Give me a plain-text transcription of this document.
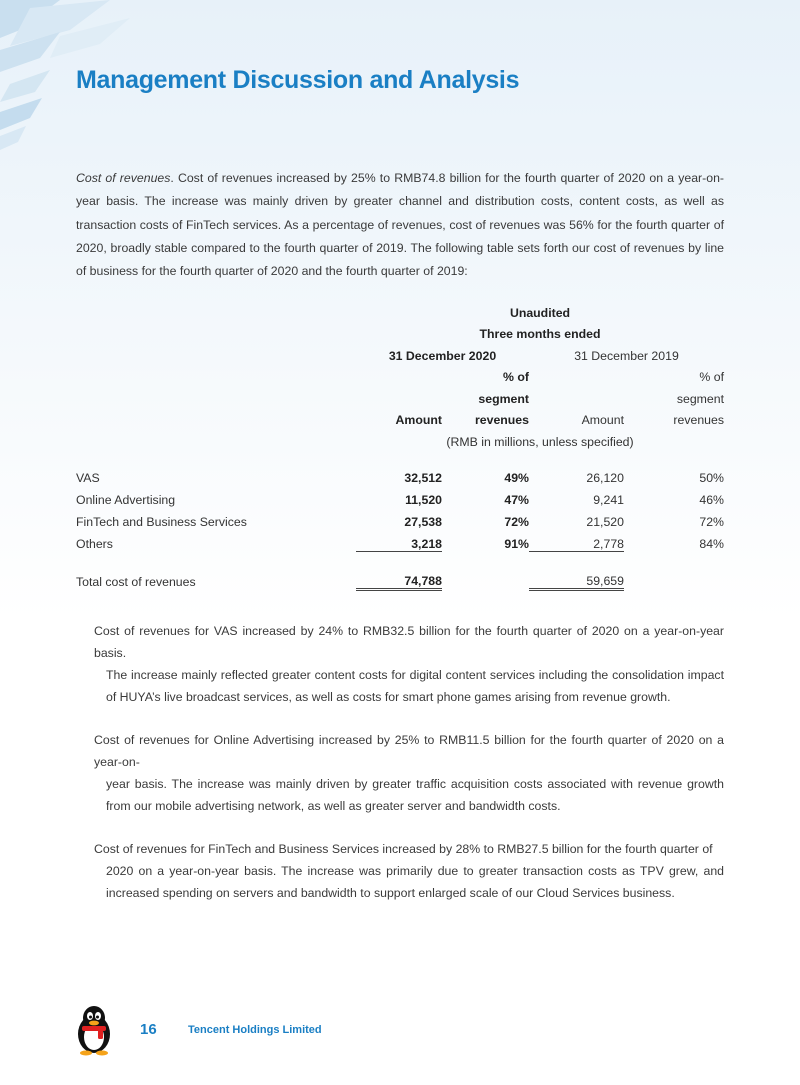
Management Discussion and Analysis
Cost of revenues. Cost of revenues increased by 25% to RMB74.8 billion for the fourth quarter of 2020 on a year-on-year basis. The increase was mainly driven by greater channel and distribution costs, content costs, as well as transaction costs of FinTech services. As a percentage of revenues, cost of revenues was 56% for the fourth quarter of 2020, broadly stable compared to the fourth quarter of 2019. The following table sets forth our cost of revenues by line of business for the fourth quarter of 2020 and the fourth quarter of 2019:
	Unaudited			
	Three months ended			
	31 December 2020		31 December 2019	
		% of		% of
		segment		segment
	Amount	revenues	Amount	revenues
	(RMB in millions, unless specified)			

VAS	32,512	49%	26,120	50%
Online Advertising	11,520	47%	9,241	46%
FinTech and Business Services	27,538	72%	21,520	72%
Others	3,218	91%	2,778	84%

Total cost of revenues	74,788		59,659	

Cost of revenues for VAS increased by 24% to RMB32.5 billion for the fourth quarter of 2020 on a year-on-year basis.
The increase mainly reflected greater content costs for digital content services including the consolidation impact of HUYA’s live broadcast services, as well as costs for smart phone games arising from revenue growth.

Cost of revenues for Online Advertising increased by 25% to RMB11.5 billion for the fourth quarter of 2020 on a year-on-
year basis. The increase was mainly driven by greater traffic acquisition costs associated with revenue growth from our mobile advertising network, as well as greater server and bandwidth costs.

Cost of revenues for FinTech and Business Services increased by 28% to RMB27.5 billion for the fourth quarter of
2020 on a year-on-year basis. The increase was primarily due to greater transaction costs as TPV grew, and increased spending on servers and bandwidth to support enlarged scale of our Cloud Services business.

16	Tencent Holdings Limited
